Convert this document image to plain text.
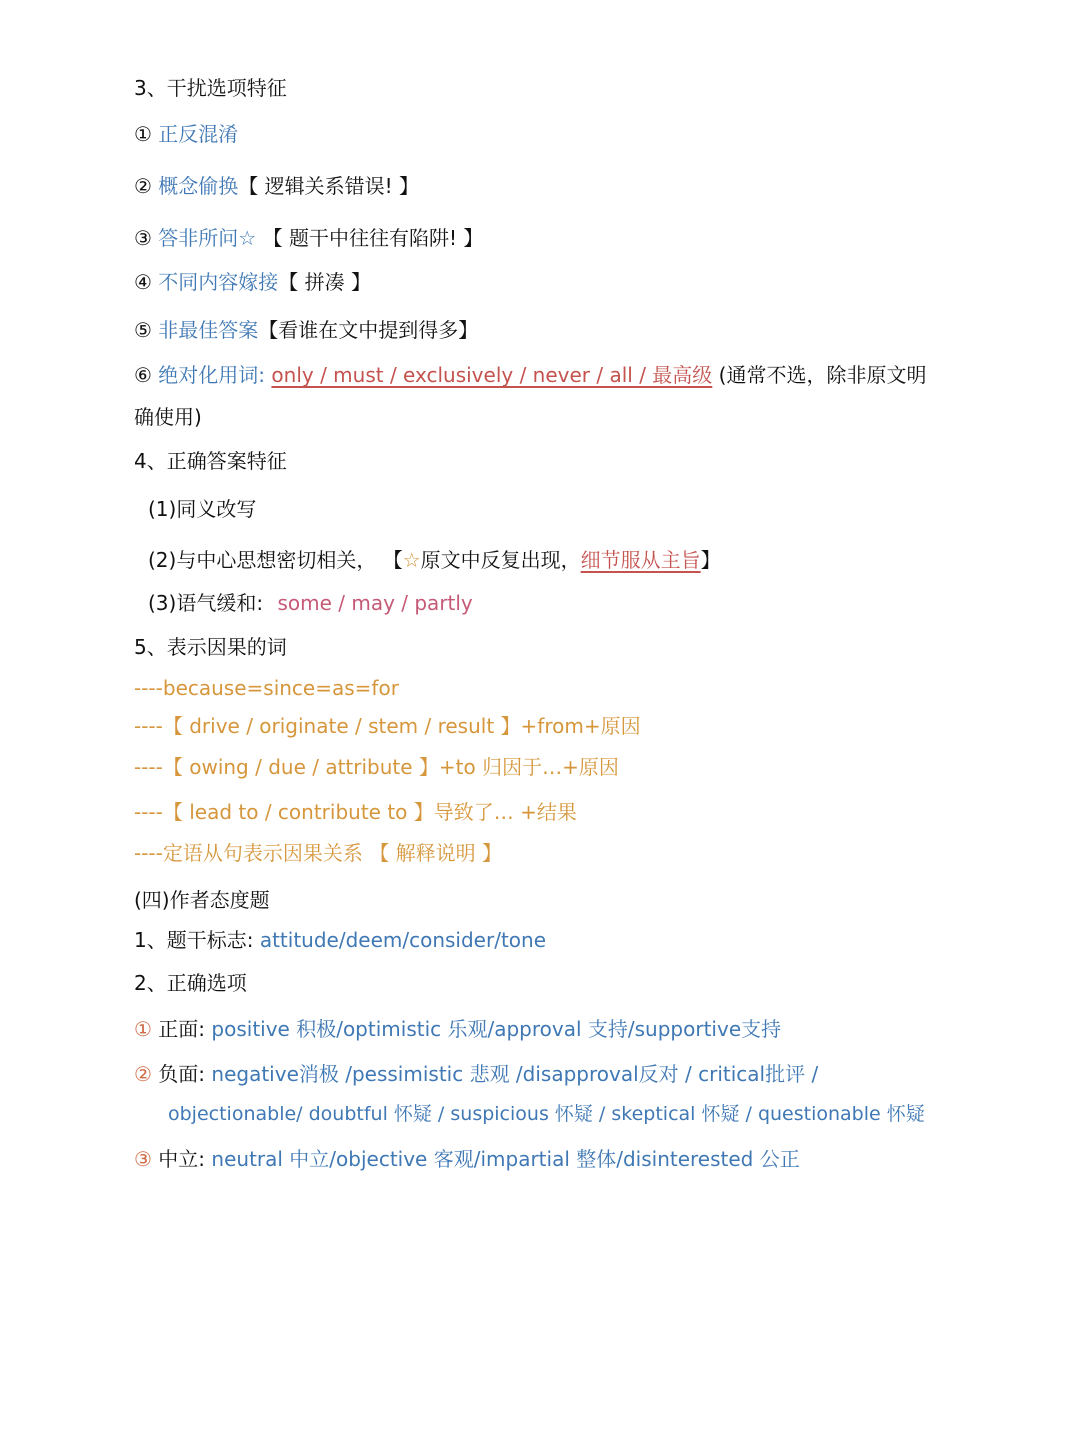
3、干扰选项特征
① 正反混淆
② 概念偷换【 逻辑关系错误! 】
③ 答非所问☆ 【 题干中往往有陷阱! 】
④ 不同内容嫁接【 拼凑 】
⑤ 非最佳答案【看谁在文中提到得多】
⑥ 绝对化用词: only / must / exclusively / never / all / 最高级 (通常不选，除非原文明
确使用)
4、正确答案特征
(1)同义改写
(2)与中心思想密切相关， 【☆原文中反复出现，细节服从主旨】
(3)语气缓和: some / may / partly
5、表示因果的词
----because=since=as=for
----【 drive / originate / stem / result 】+from+原因
----【 owing / due / attribute 】+to 归因于…+原因
----【 lead to / contribute to 】导致了… +结果
----定语从句表示因果关系 【 解释说明 】
(四)作者态度题
1、题干标志: attitude/deem/consider/tone
2、正确选项
① 正面: positive 积极/optimistic 乐观/approval 支持/supportive支持
② 负面: negative消极 /pessimistic 悲观 /disapproval反对 / critical批评 /
objectionable/ doubtful 怀疑 / suspicious 怀疑 / skeptical 怀疑 / questionable 怀疑
③ 中立: neutral 中立/objective 客观/impartial 整体/disinterested 公正
